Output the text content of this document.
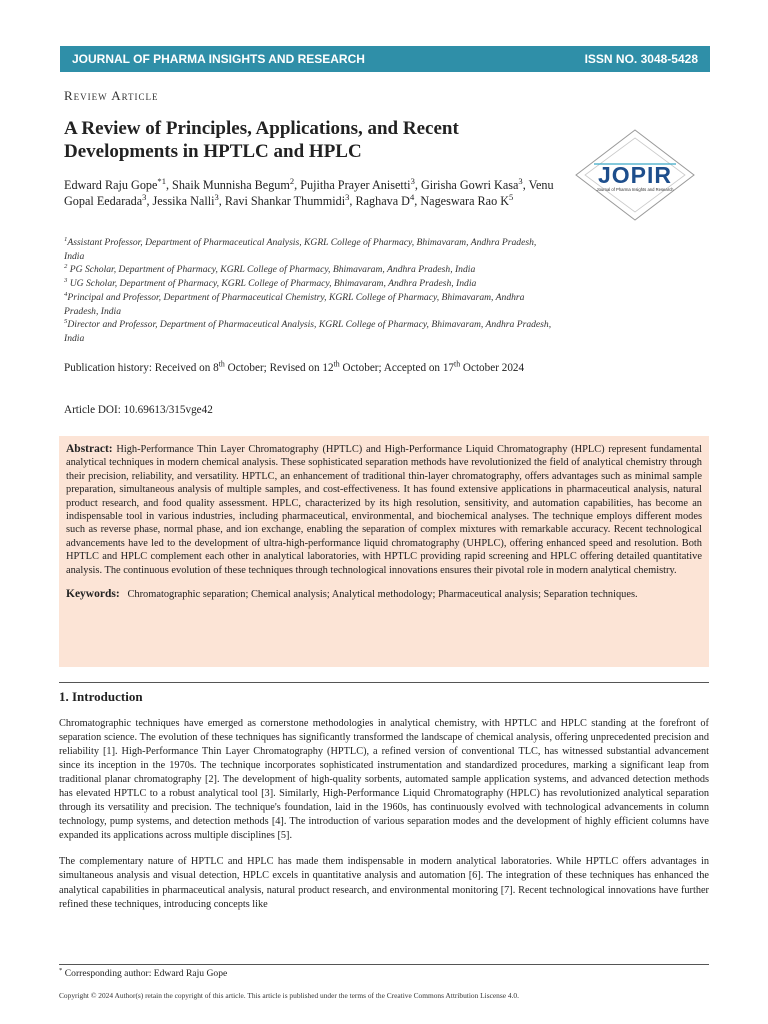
JOURNAL OF PHARMA INSIGHTS AND RESEARCH	ISSN NO. 3048-5428
Review Article
A Review of Principles, Applications, and Recent Developments in HPTLC and HPLC
JOPIR
Journal of Pharma Insights and Research
Edward Raju Gope$^{*1}$, Shaik Munnisha Begum$^2$, Pujitha Prayer Anisetti$^3$, Girisha Gowri Kasa$^3$, Venu Gopal Eedarada$^3$, Jessika Nalli$^3$, Ravi Shankar Thummidi$^3$, Raghava $D^4$, Nageswara Rao $K^5$
$^1$Assistant Professor, Department of Pharmaceutical Analysis, KGRL College of Pharmacy, Bhimavaram, Andhra Pradesh, India
$^2$ PG Scholar, Department of Pharmacy, KGRL College of Pharmacy, Bhimavaram, Andhra Pradesh, India
$^3$ UG Scholar, Department of Pharmacy, KGRL College of Pharmacy, Bhimavaram, Andhra Pradesh, India
$^4$Principal and Professor, Department of Pharmaceutical Chemistry, KGRL College of Pharmacy, Bhimavaram, Andhra Pradesh, India
$^5$Director and Professor, Department of Pharmaceutical Analysis, KGRL College of Pharmacy, Bhimavaram, Andhra Pradesh, India
Publication history: Received on 8th October; Revised on 12th October; Accepted on 17th October 2024
Article DOI: 10.69613/315vge42
Abstract: High-Performance Thin Layer Chromatography (HPTLC) and High-Performance Liquid Chromatography (HPLC) represent fundamental analytical techniques in modern chemical analysis. These sophisticated separation methods have revolutionized the field of analytical chemistry through their precision, reliability, and versatility. HPTLC, an enhancement of traditional thin-layer chromatography, offers advantages such as minimal sample preparation, simultaneous analysis of multiple samples, and cost-effectiveness. It has found extensive applications in pharmaceutical analysis, natural product research, and food quality assessment. HPLC, characterized by its high resolution, sensitivity, and automation capabilities, has become an indispensable tool in various industries, including pharmaceutical, environmental, and biochemical analyses. The technique employs different modes such as reverse phase, normal phase, and ion exchange, enabling the separation of complex mixtures with remarkable accuracy. Recent technological advancements have led to the development of ultra-high-performance liquid chromatography (UHPLC), offering enhanced speed and resolution. Both HPTLC and HPLC complement each other in analytical laboratories, with HPTLC providing rapid screening and HPLC offering detailed quantitative analysis. The continuous evolution of these techniques through technological innovations ensures their pivotal role in modern analytical chemistry.
Keywords: Chromatographic separation; Chemical analysis; Analytical methodology; Pharmaceutical analysis; Separation techniques.
1. Introduction

Chromatographic techniques have emerged as cornerstone methodologies in analytical chemistry, with HPTLC and HPLC standing at the forefront of separation science. The evolution of these techniques has significantly transformed the landscape of chemical analysis, offering unprecedented precision and reliability [1]. High-Performance Thin Layer Chromatography (HPTLC), a refined version of conventional TLC, has witnessed substantial advancement since its inception in the 1970s. The technique incorporates sophisticated instrumentation and standardized procedures, marking a significant leap from traditional planar chromatography [2]. The development of high-quality sorbents, automated sample application systems, and advanced detection methods has elevated HPTLC to a robust analytical tool [3]. Similarly, High-Performance Liquid Chromatography (HPLC) has revolutionized analytical separation through its versatility and precision. The technique's foundation, laid in the 1960s, has continuously evolved with technological advancements in column technology, pump systems, and detection methods [4]. The introduction of various separation modes and the development of highly efficient columns have expanded its applications across multiple disciplines [5].

The complementary nature of HPTLC and HPLC has made them indispensable in modern analytical laboratories. While HPTLC offers advantages in simultaneous analysis and visual detection, HPLC excels in quantitative analysis and automation [6]. The integration of these techniques has enhanced the analytical capabilities in pharmaceutical analysis, natural product research, and environmental monitoring [7]. Recent technological innovations have further refined these techniques, introducing concepts like

* Corresponding author: Edward Raju Gope
Copyright © 2024 Author(s) retain the copyright of this article. This article is published under the terms of the Creative Commons Attribution Liscense 4.0.
